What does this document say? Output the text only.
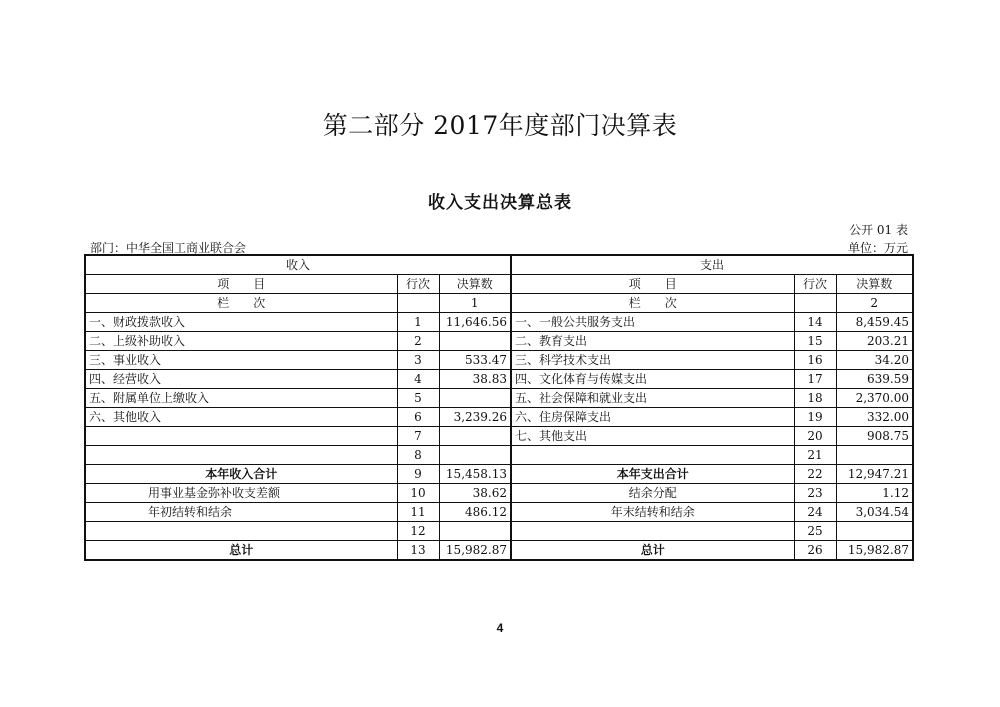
第二部分 2017年度部门决算表
收入支出决算总表
公开 01 表
部门：中华全国工商业联合会	单位：万元
收入			支出		
项　　目	行次	决算数	项　　目	行次	决算数
栏　　次		1	栏　　次		2
一、财政拨款收入	1	11,646.56	一、一般公共服务支出	14	8,459.45
二、上级补助收入	2		二、教育支出	15	203.21
三、事业收入	3	533.47	三、科学技术支出	16	34.20
四、经营收入	4	38.83	四、文化体育与传媒支出	17	639.59
五、附属单位上缴收入	5		五、社会保障和就业支出	18	2,370.00
六、其他收入	6	3,239.26	六、住房保障支出	19	332.00
	7		七、其他支出	20	908.75
	8			21	
本年收入合计	9	15,458.13	本年支出合计	22	12,947.21
用事业基金弥补收支差额	10	38.62	结余分配	23	1.12
年初结转和结余	11	486.12	年末结转和结余	24	3,034.54
	12			25	
总计	13	15,982.87	总计	26	15,982.87
4
